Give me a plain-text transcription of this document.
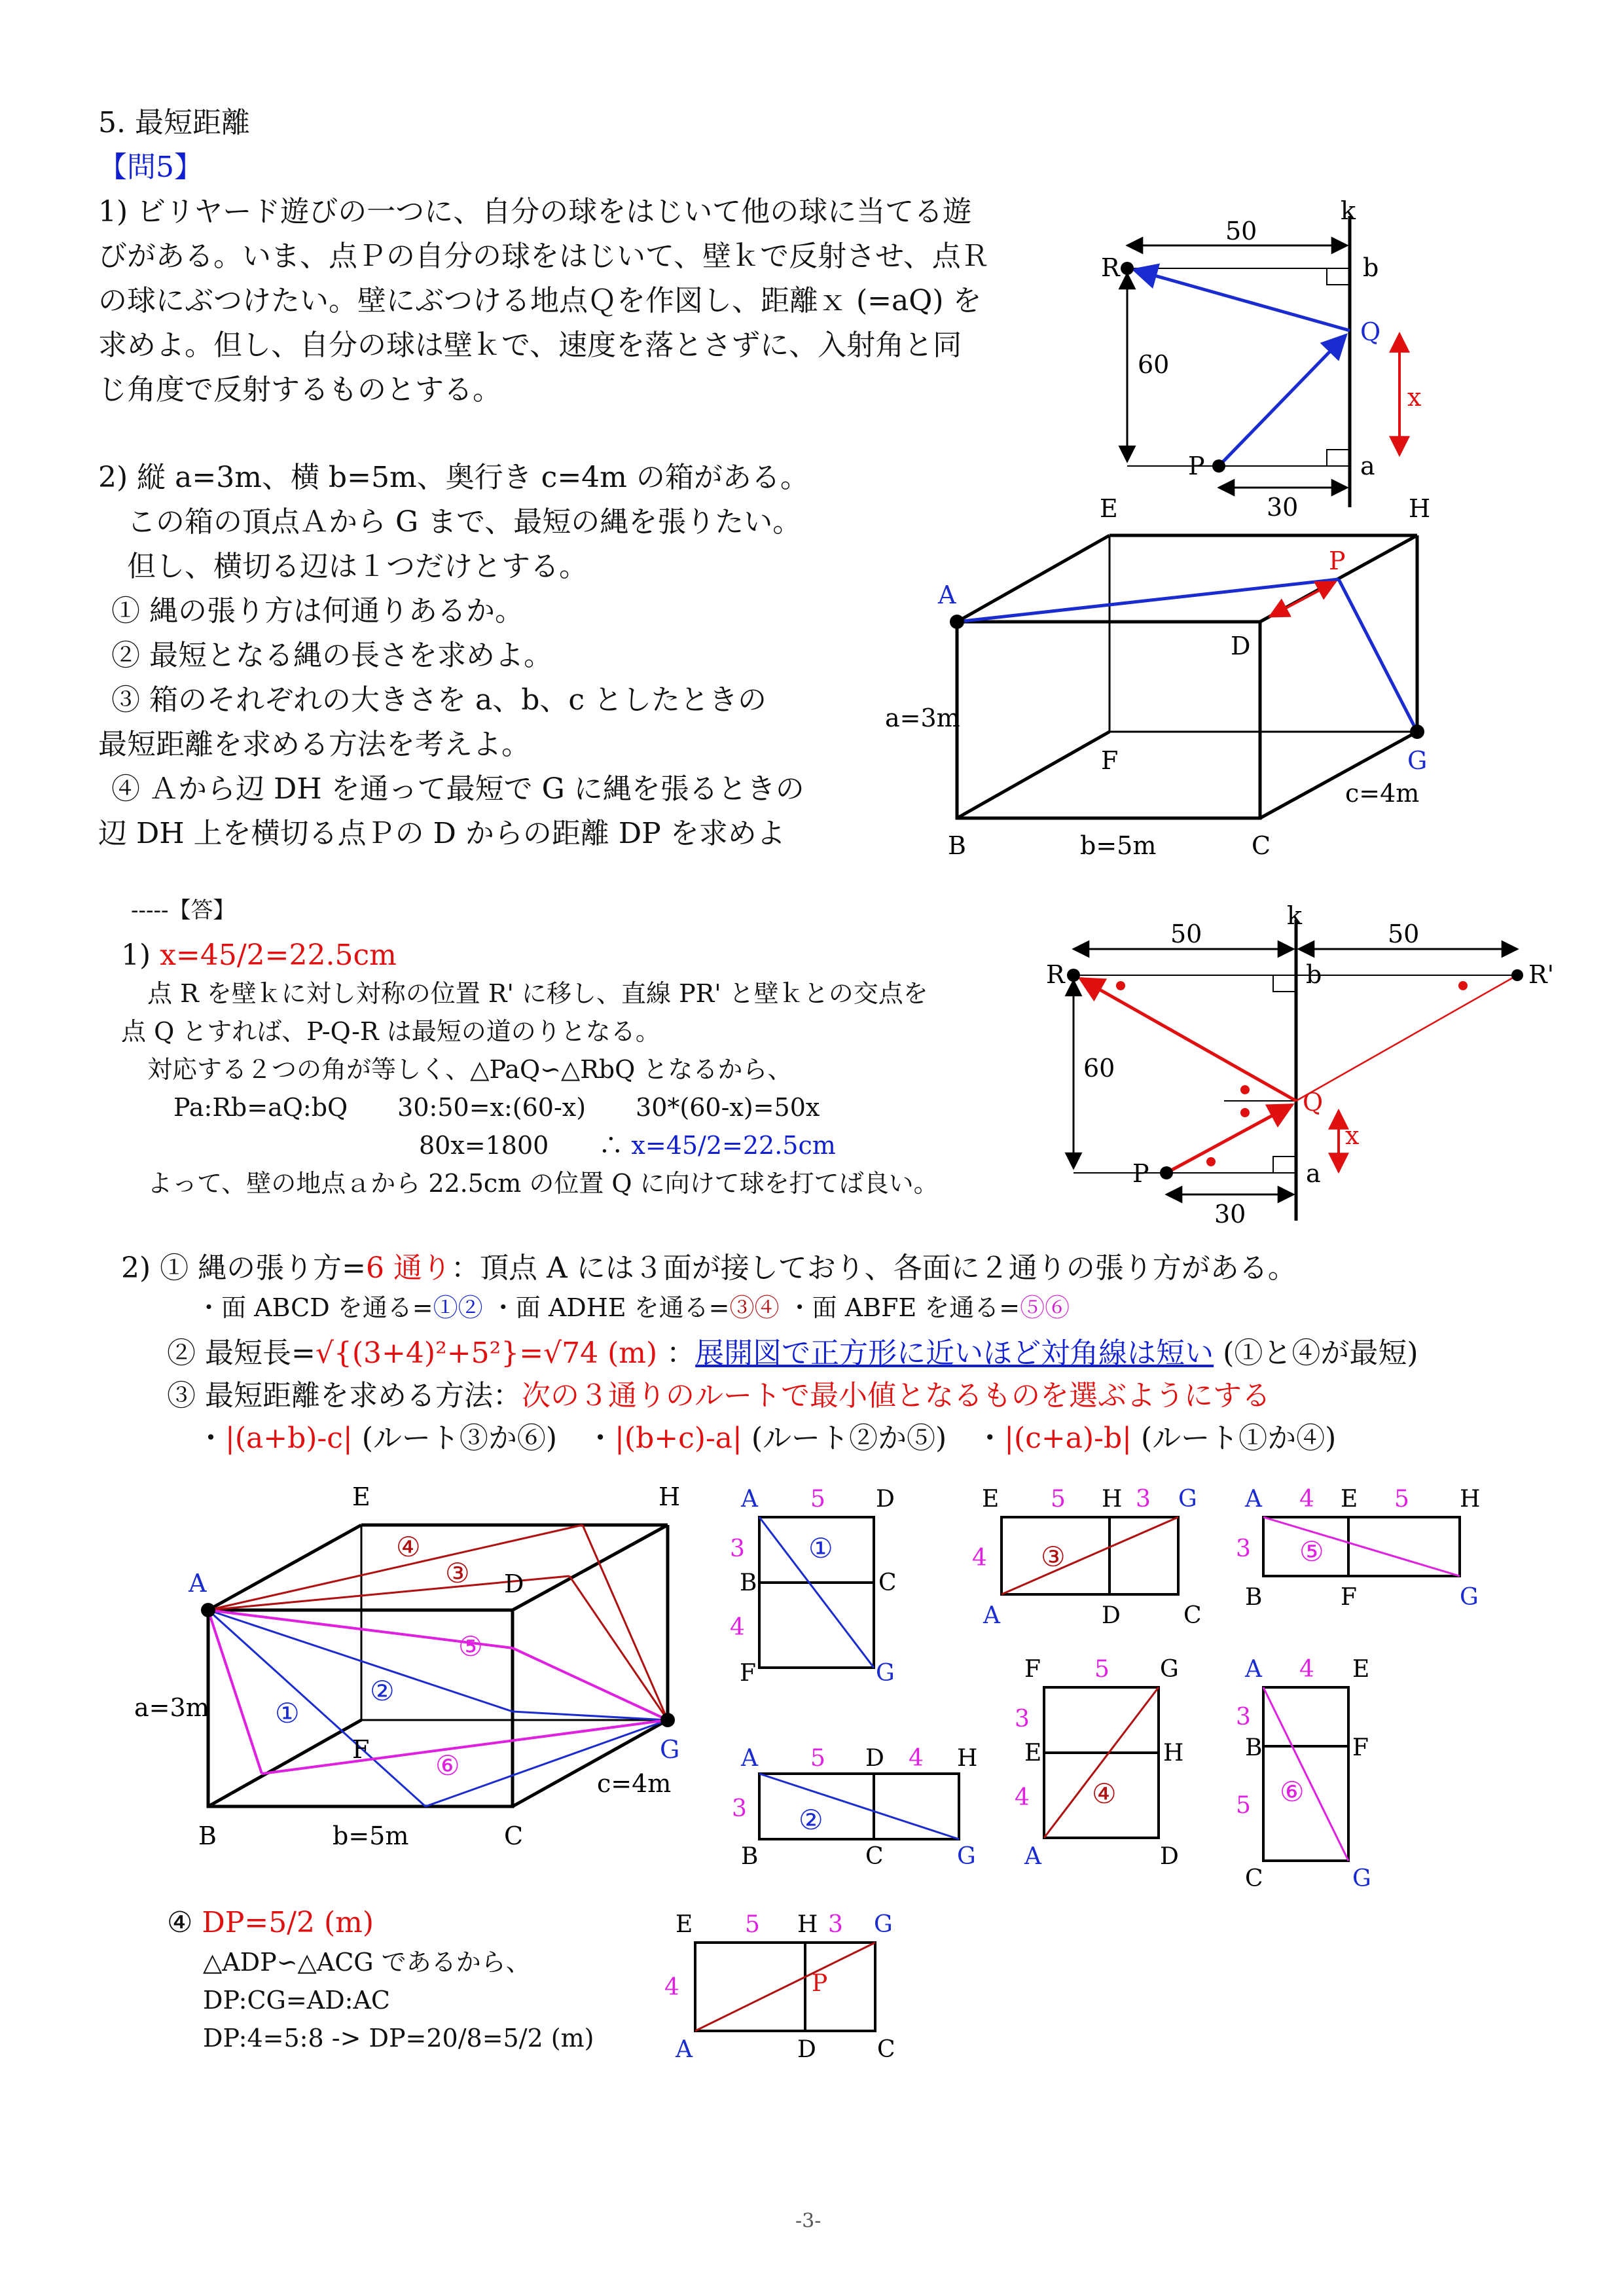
5. 最短距離
【問5】
1) ビリヤード遊びの一つに、自分の球をはじいて他の球に当てる遊
びがある。いま、点Ｐの自分の球をはじいて、壁ｋで反射させ、点Ｒ
の球にぶつけたい。壁にぶつける地点Ｑを作図し、距離ｘ (=aQ) を
求めよ。但し、自分の球は壁ｋで、速度を落とさずに、入射角と同
じ角度で反射するものとする。
2) 縦 a=3m、横 b=5m、奥行き c=4m の箱がある。
　この箱の頂点Ａから G まで、最短の縄を張りたい。
　但し、横切る辺は１つだけとする。
① 縄の張り方は何通りあるか。
② 最短となる縄の長さを求めよ。
③ 箱のそれぞれの大きさを a、b、c としたときの
最短距離を求める方法を考えよ。
④ Ａから辺 DH を通って最短で G に縄を張るときの
辺 DH 上を横切る点Ｐの D からの距離 DP を求めよ
50
60
30
k
R	b
Q
x
P	a
A
E	H
P
D
a=3m
F	G
c=4m
B	b=5m	C
-----【答】
1) x=45/2=22.5cm
点 R を壁ｋに対し対称の位置 R' に移し、直線 PR' と壁ｋとの交点を
点 Q とすれば、P-Q-R は最短の道のりとなる。
対応する２つの角が等しく、△PaQ∽△RbQ となるから、
Pa:Rb=aQ:bQ　　30:50=x:(60-x)　　30*(60-x)=50x
80x=1800　　∴ x=45/2=22.5cm
よって、壁の地点ａから 22.5cm の位置 Q に向けて球を打てば良い。
50	50
k
R	b	R'
60
Q
x
P	a
30
2) ① 縄の張り方=6 通り：頂点 A には３面が接しており、各面に２通りの張り方がある。
・面 ABCD を通る=①② ・面 ADHE を通る=③④ ・面 ABFE を通る=⑤⑥
② 最短長=√{(3+4)²+5²}=√74 (m) ：展開図で正方形に近いほど対角線は短い (①と④が最短)
③ 最短距離を求める方法：次の３通りのルートで最小値となるものを選ぶようにする
・|(a+b)-c| (ルート③か⑥)　 ・|(b+c)-a| (ルート②か⑤)　 ・|(c+a)-b| (ルート①か④)
A
E	H
D
a=3m
F	G
c=4m
B	b=5m	C
④
③
⑤
②
①
⑥
A 5 D
3
B	C
4
F	G
①
A 5 D 4 H
3
B	C	G
②
E 5 H 3 G
4
A	D	C
③
F 5 G
3
E	H
4
A	D
④
A 4 E 5 H
3
B	F	G
⑤
A 4 E
3
B	F
5
C	G
⑥
E 5 H 3 G
4	P
A	D	C
④ DP=5/2 (m)
△ADP∽△ACG であるから、
DP:CG=AD:AC
DP:4=5:8 -> DP=20/8=5/2 (m)
-3-
